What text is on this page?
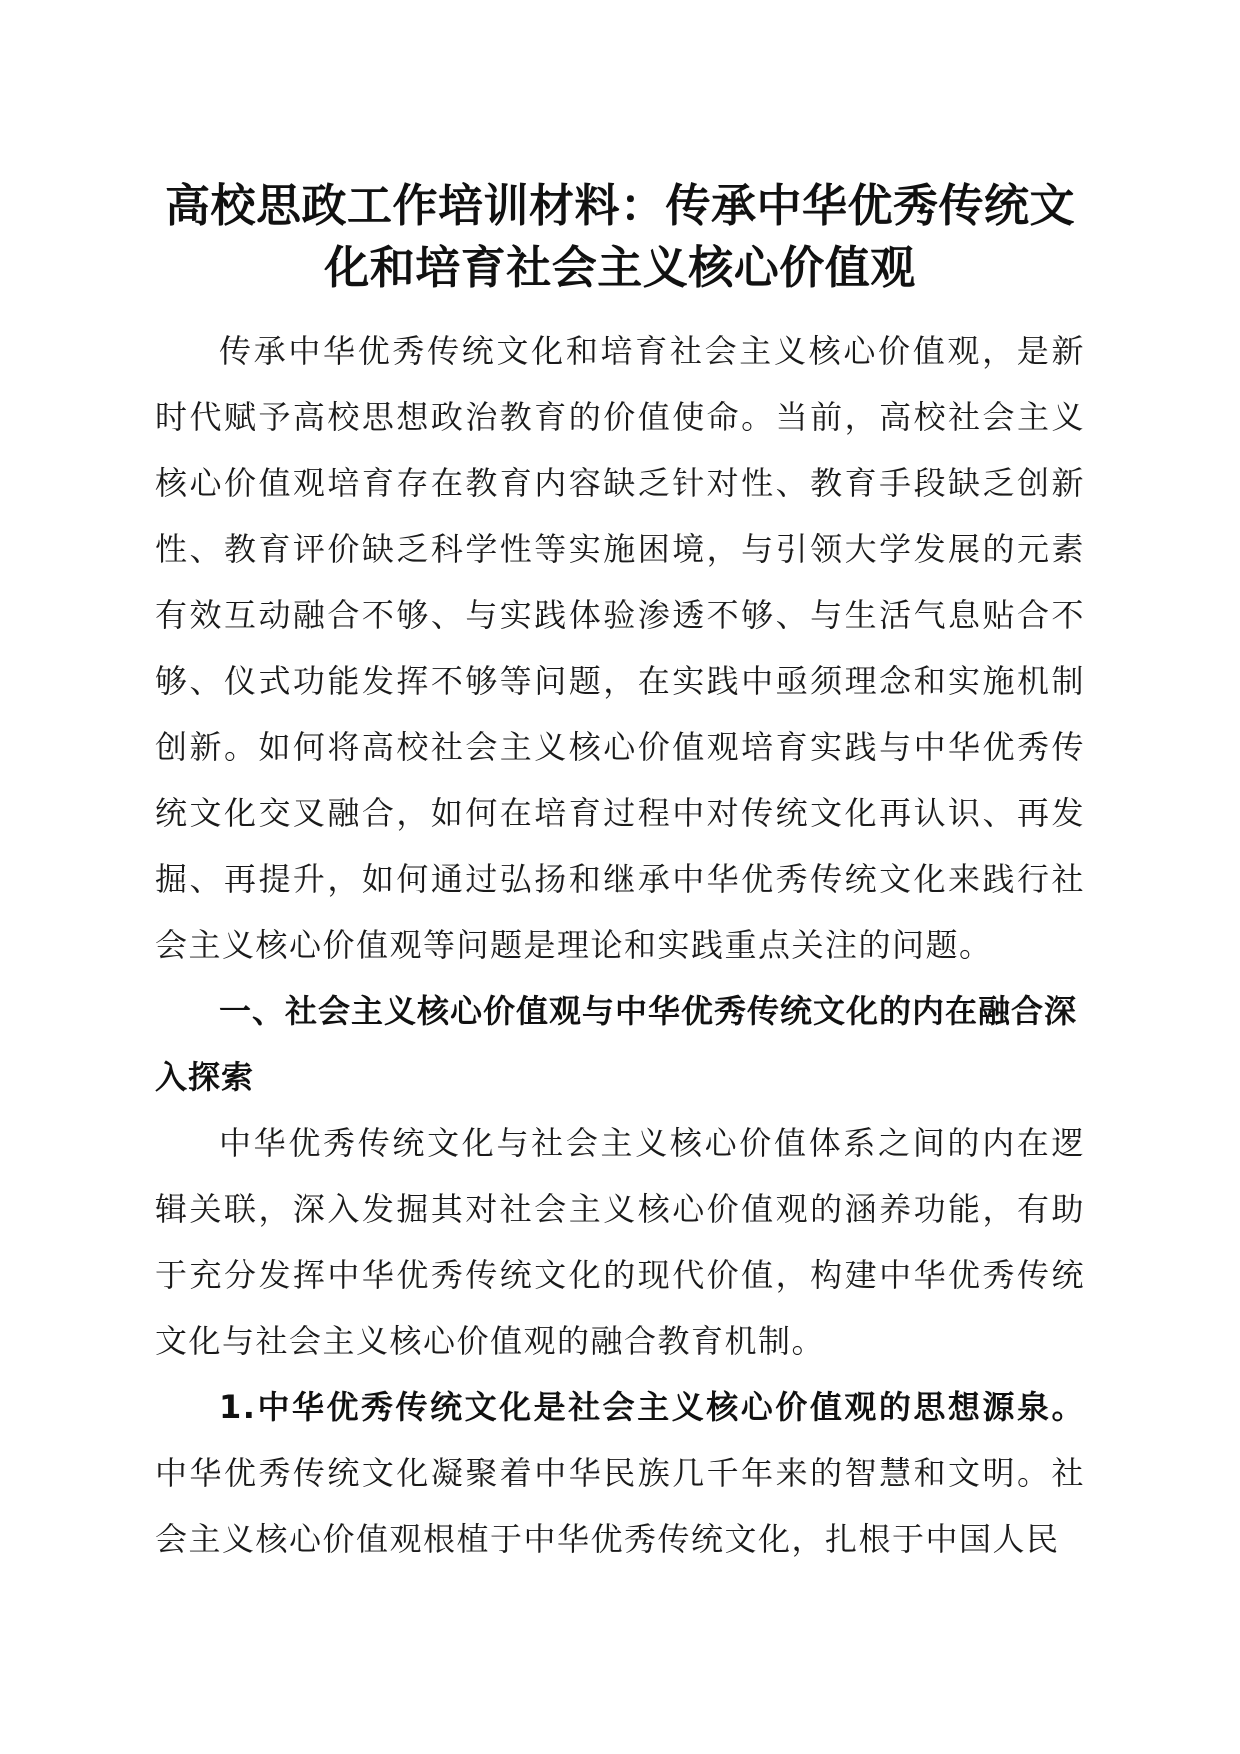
高校思政工作培训材料：传承中华优秀传统文
化和培育社会主义核心价值观

传承中华优秀传统文化和培育社会主义核心价值观，是新时代赋予高校思想政治教育的价值使命。当前，高校社会主义核心价值观培育存在教育内容缺乏针对性、教育手段缺乏创新性、教育评价缺乏科学性等实施困境，与引领大学发展的元素有效互动融合不够、与实践体验渗透不够、与生活气息贴合不够、仪式功能发挥不够等问题，在实践中亟须理念和实施机制创新。如何将高校社会主义核心价值观培育实践与中华优秀传统文化交叉融合，如何在培育过程中对传统文化再认识、再发掘、再提升，如何通过弘扬和继承中华优秀传统文化来践行社会主义核心价值观等问题是理论和实践重点关注的问题。

一、社会主义核心价值观与中华优秀传统文化的内在融合深入探索

中华优秀传统文化与社会主义核心价值体系之间的内在逻辑关联，深入发掘其对社会主义核心价值观的涵养功能，有助于充分发挥中华优秀传统文化的现代价值，构建中华优秀传统文化与社会主义核心价值观的融合教育机制。

1.中华优秀传统文化是社会主义核心价值观的思想源泉。中华优秀传统文化凝聚着中华民族几千年来的智慧和文明。社会主义核心价值观根植于中华优秀传统文化，扎根于中国人民
